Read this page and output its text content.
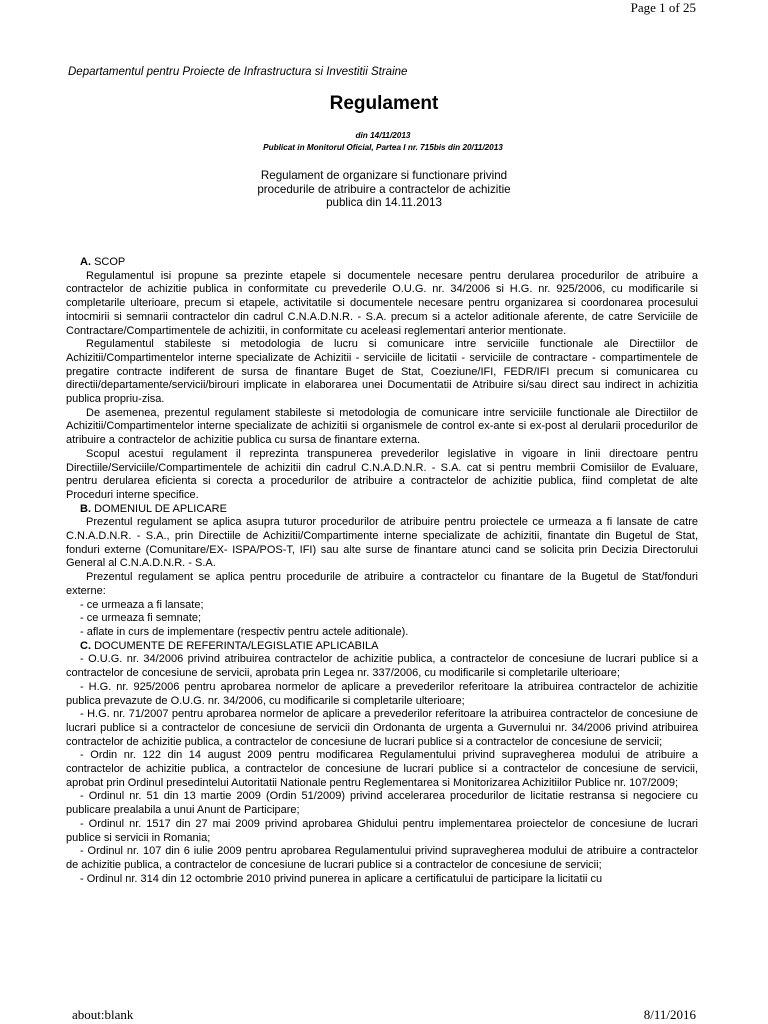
Page 1 of 25
Departamentul pentru Proiecte de Infrastructura si Investitii Straine
Regulament
din 14/11/2013
Publicat in Monitorul Oficial, Partea I nr. 715bis din 20/11/2013
Regulament de organizare si functionare privind
procedurile de atribuire a contractelor de achizitie
publica din 14.11.2013

A. SCOP

Regulamentul isi propune sa prezinte etapele si documentele necesare pentru derularea procedurilor de atribuire a contractelor de achizitie publica in conformitate cu prevederile O.U.G. nr. 34/2006 si H.G. nr. 925/2006, cu modificarile si completarile ulterioare, precum si etapele, activitatile si documentele necesare pentru organizarea si coordonarea procesului intocmirii si semnarii contractelor din cadrul C.N.A.D.N.R. - S.A. precum si a actelor aditionale aferente, de catre Serviciile de Contractare/Compartimentele de achizitii, in conformitate cu aceleasi reglementari anterior mentionate.

Regulamentul stabileste si metodologia de lucru si comunicare intre serviciile functionale ale Directiilor de Achizitii/Compartimentelor interne specializate de Achizitii - serviciile de licitatii - serviciile de contractare - compartimentele de pregatire contracte indiferent de sursa de finantare Buget de Stat, Coeziune/IFI, FEDR/IFI precum si comunicarea cu directii/departamente/servicii/birouri implicate in elaborarea unei Documentatii de Atribuire si/sau direct sau indirect in achizitia publica propriu-zisa.

De asemenea, prezentul regulament stabileste si metodologia de comunicare intre serviciile functionale ale Directiilor de Achizitii/Compartimentelor interne specializate de achizitii si organismele de control ex-ante si ex-post al derularii procedurilor de atribuire a contractelor de achizitie publica cu sursa de finantare externa.

Scopul acestui regulament il reprezinta transpunerea prevederilor legislative in vigoare in linii directoare pentru Directiile/Serviciile/Compartimentele de achizitii din cadrul C.N.A.D.N.R. - S.A. cat si pentru membrii Comisiilor de Evaluare, pentru derularea eficienta si corecta a procedurilor de atribuire a contractelor de achizitie publica, fiind completat de alte Proceduri interne specifice.

B. DOMENIUL DE APLICARE

Prezentul regulament se aplica asupra tuturor procedurilor de atribuire pentru proiectele ce urmeaza a fi lansate de catre C.N.A.D.N.R. - S.A., prin Directiile de Achizitii/Compartimente interne specializate de achizitii, finantate din Bugetul de Stat, fonduri externe (Comunitare/EX- ISPA/POS-T, IFI) sau alte surse de finantare atunci cand se solicita prin Decizia Directorului General al C.N.A.D.N.R. - S.A.

Prezentul regulament se aplica pentru procedurile de atribuire a contractelor cu finantare de la Bugetul de Stat/fonduri externe:

- ce urmeaza a fi lansate;

- ce urmeaza fi semnate;

- aflate in curs de implementare (respectiv pentru actele aditionale).

C. DOCUMENTE DE REFERINTA/LEGISLATIE APLICABILA

- O.U.G. nr. 34/2006 privind atribuirea contractelor de achizitie publica, a contractelor de concesiune de lucrari publice si a contractelor de concesiune de servicii, aprobata prin Legea nr. 337/2006, cu modificarile si completarile ulterioare;

- H.G. nr. 925/2006 pentru aprobarea normelor de aplicare a prevederilor referitoare la atribuirea contractelor de achizitie publica prevazute de O.U.G. nr. 34/2006, cu modificarile si completarile ulterioare;

- H.G. nr. 71/2007 pentru aprobarea normelor de aplicare a prevederilor referitoare la atribuirea contractelor de concesiune de lucrari publice si a contractelor de concesiune de servicii din Ordonanta de urgenta a Guvernului nr. 34/2006 privind atribuirea contractelor de achizitie publica, a contractelor de concesiune de lucrari publice si a contractelor de concesiune de servicii;

- Ordin nr. 122 din 14 august 2009 pentru modificarea Regulamentului privind supravegherea modului de atribuire a contractelor de achizitie publica, a contractelor de concesiune de lucrari publice si a contractelor de concesiune de servicii, aprobat prin Ordinul presedintelui Autoritatii Nationale pentru Reglementarea si Monitorizarea Achizitiilor Publice nr. 107/2009;

- Ordinul nr. 51 din 13 martie 2009 (Ordin 51/2009) privind accelerarea procedurilor de licitatie restransa si negociere cu publicare prealabila a unui Anunt de Participare;

- Ordinul nr. 1517 din 27 mai 2009 privind aprobarea Ghidului pentru implementarea proiectelor de concesiune de lucrari publice si servicii in Romania;

- Ordinul nr. 107 din 6 iulie 2009 pentru aprobarea Regulamentului privind supravegherea modului de atribuire a contractelor de achizitie publica, a contractelor de concesiune de lucrari publice si a contractelor de concesiune de servicii;

- Ordinul nr. 314 din 12 octombrie 2010 privind punerea in aplicare a certificatului de participare la licitatii cu

about:blank	8/11/2016
